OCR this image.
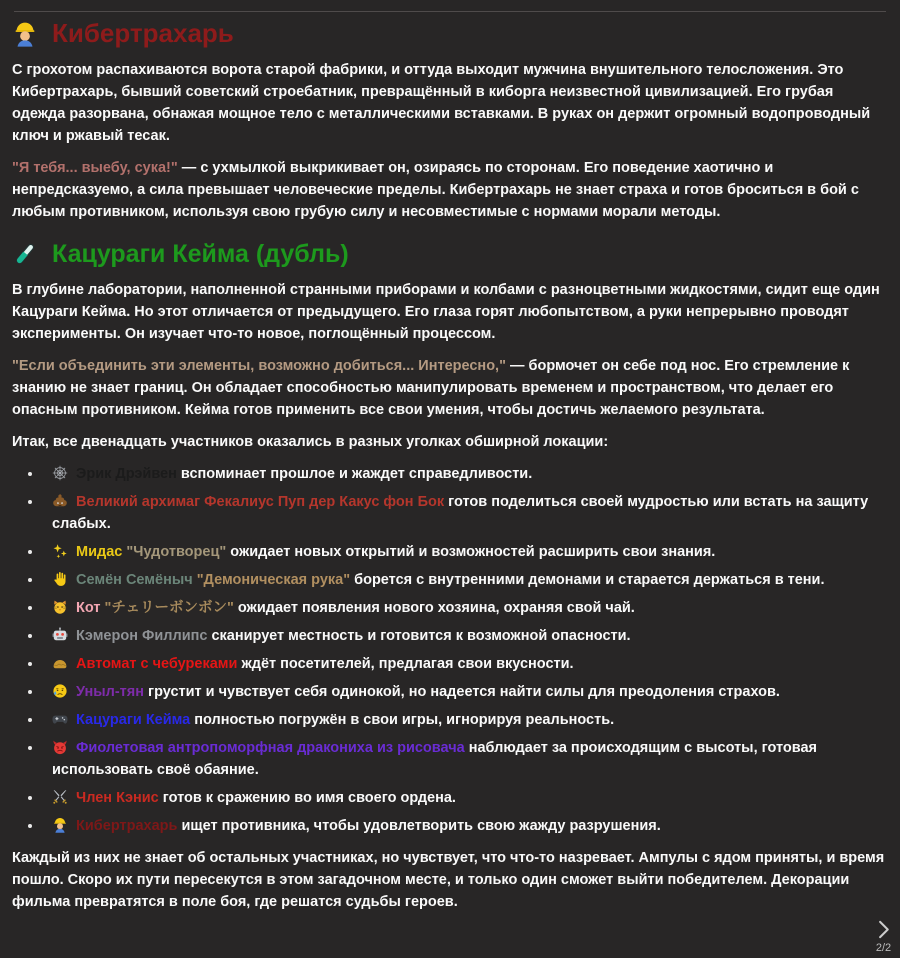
Кибертрахарь

С грохотом распахиваются ворота старой фабрики, и оттуда выходит мужчина внушительного телосложения. Это Кибертрахарь, бывший советский строебатник, превращённый в киборга неизвестной цивилизацией. Его грубая одежда разорвана, обнажая мощное тело с металлическими вставками. В руках он держит огромный водопроводный ключ и ржавый тесак.

"Я тебя... выебу, сука!" — с ухмылкой выкрикивает он, озираясь по сторонам. Его поведение хаотично и непредсказуемо, а сила превышает человеческие пределы. Кибертрахарь не знает страха и готов броситься в бой с любым противником, используя свою грубую силу и несовместимые с нормами морали методы.

Кацураги Кейма (дубль)

В глубине лаборатории, наполненной странными приборами и колбами с разноцветными жидкостями, сидит еще один Кацураги Кейма. Но этот отличается от предыдущего. Его глаза горят любопытством, а руки непрерывно проводят эксперименты. Он изучает что-то новое, поглощённый процессом.

"Если объединить эти элементы, возможно добиться... Интересно," — бормочет он себе под нос. Его стремление к знанию не знает границ. Он обладает способностью манипулировать временем и пространством, что делает его опасным противником. Кейма готов применить все свои умения, чтобы достичь желаемого результата.

Итак, все двенадцать участников оказались в разных уголках обширной локации:

Эрик Дрэйвен вспоминает прошлое и жаждет справедливости.
Великий архимаг Фекалиус Пуп дер Какус фон Бок готов поделиться своей мудростью или встать на защиту слабых.
Мидас "Чудотворец" ожидает новых открытий и возможностей расширить свои знания.
Семён Семёныч "Демоническая рука" борется с внутренними демонами и старается держаться в тени.
Кот "チェリーボンボン" ожидает появления нового хозяина, охраняя свой чай.
Кэмерон Филлипс сканирует местность и готовится к возможной опасности.
Автомат с чебуреками ждёт посетителей, предлагая свои вкусности.
Уныл-тян грустит и чувствует себя одинокой, но надеется найти силы для преодоления страхов.
Кацураги Кейма полностью погружён в свои игры, игнорируя реальность.
Фиолетовая антропоморфная дракониха из рисовача наблюдает за происходящим с высоты, готовая использовать своё обаяние.
Член Кэнис готов к сражению во имя своего ордена.
Кибертрахарь ищет противника, чтобы удовлетворить свою жажду разрушения.

Каждый из них не знает об остальных участниках, но чувствует, что что-то назревает. Ампулы с ядом приняты, и время пошло. Скоро их пути пересекутся в этом загадочном месте, и только один сможет выйти победителем. Декорации фильма превратятся в поле боя, где решатся судьбы героев.

2/2
